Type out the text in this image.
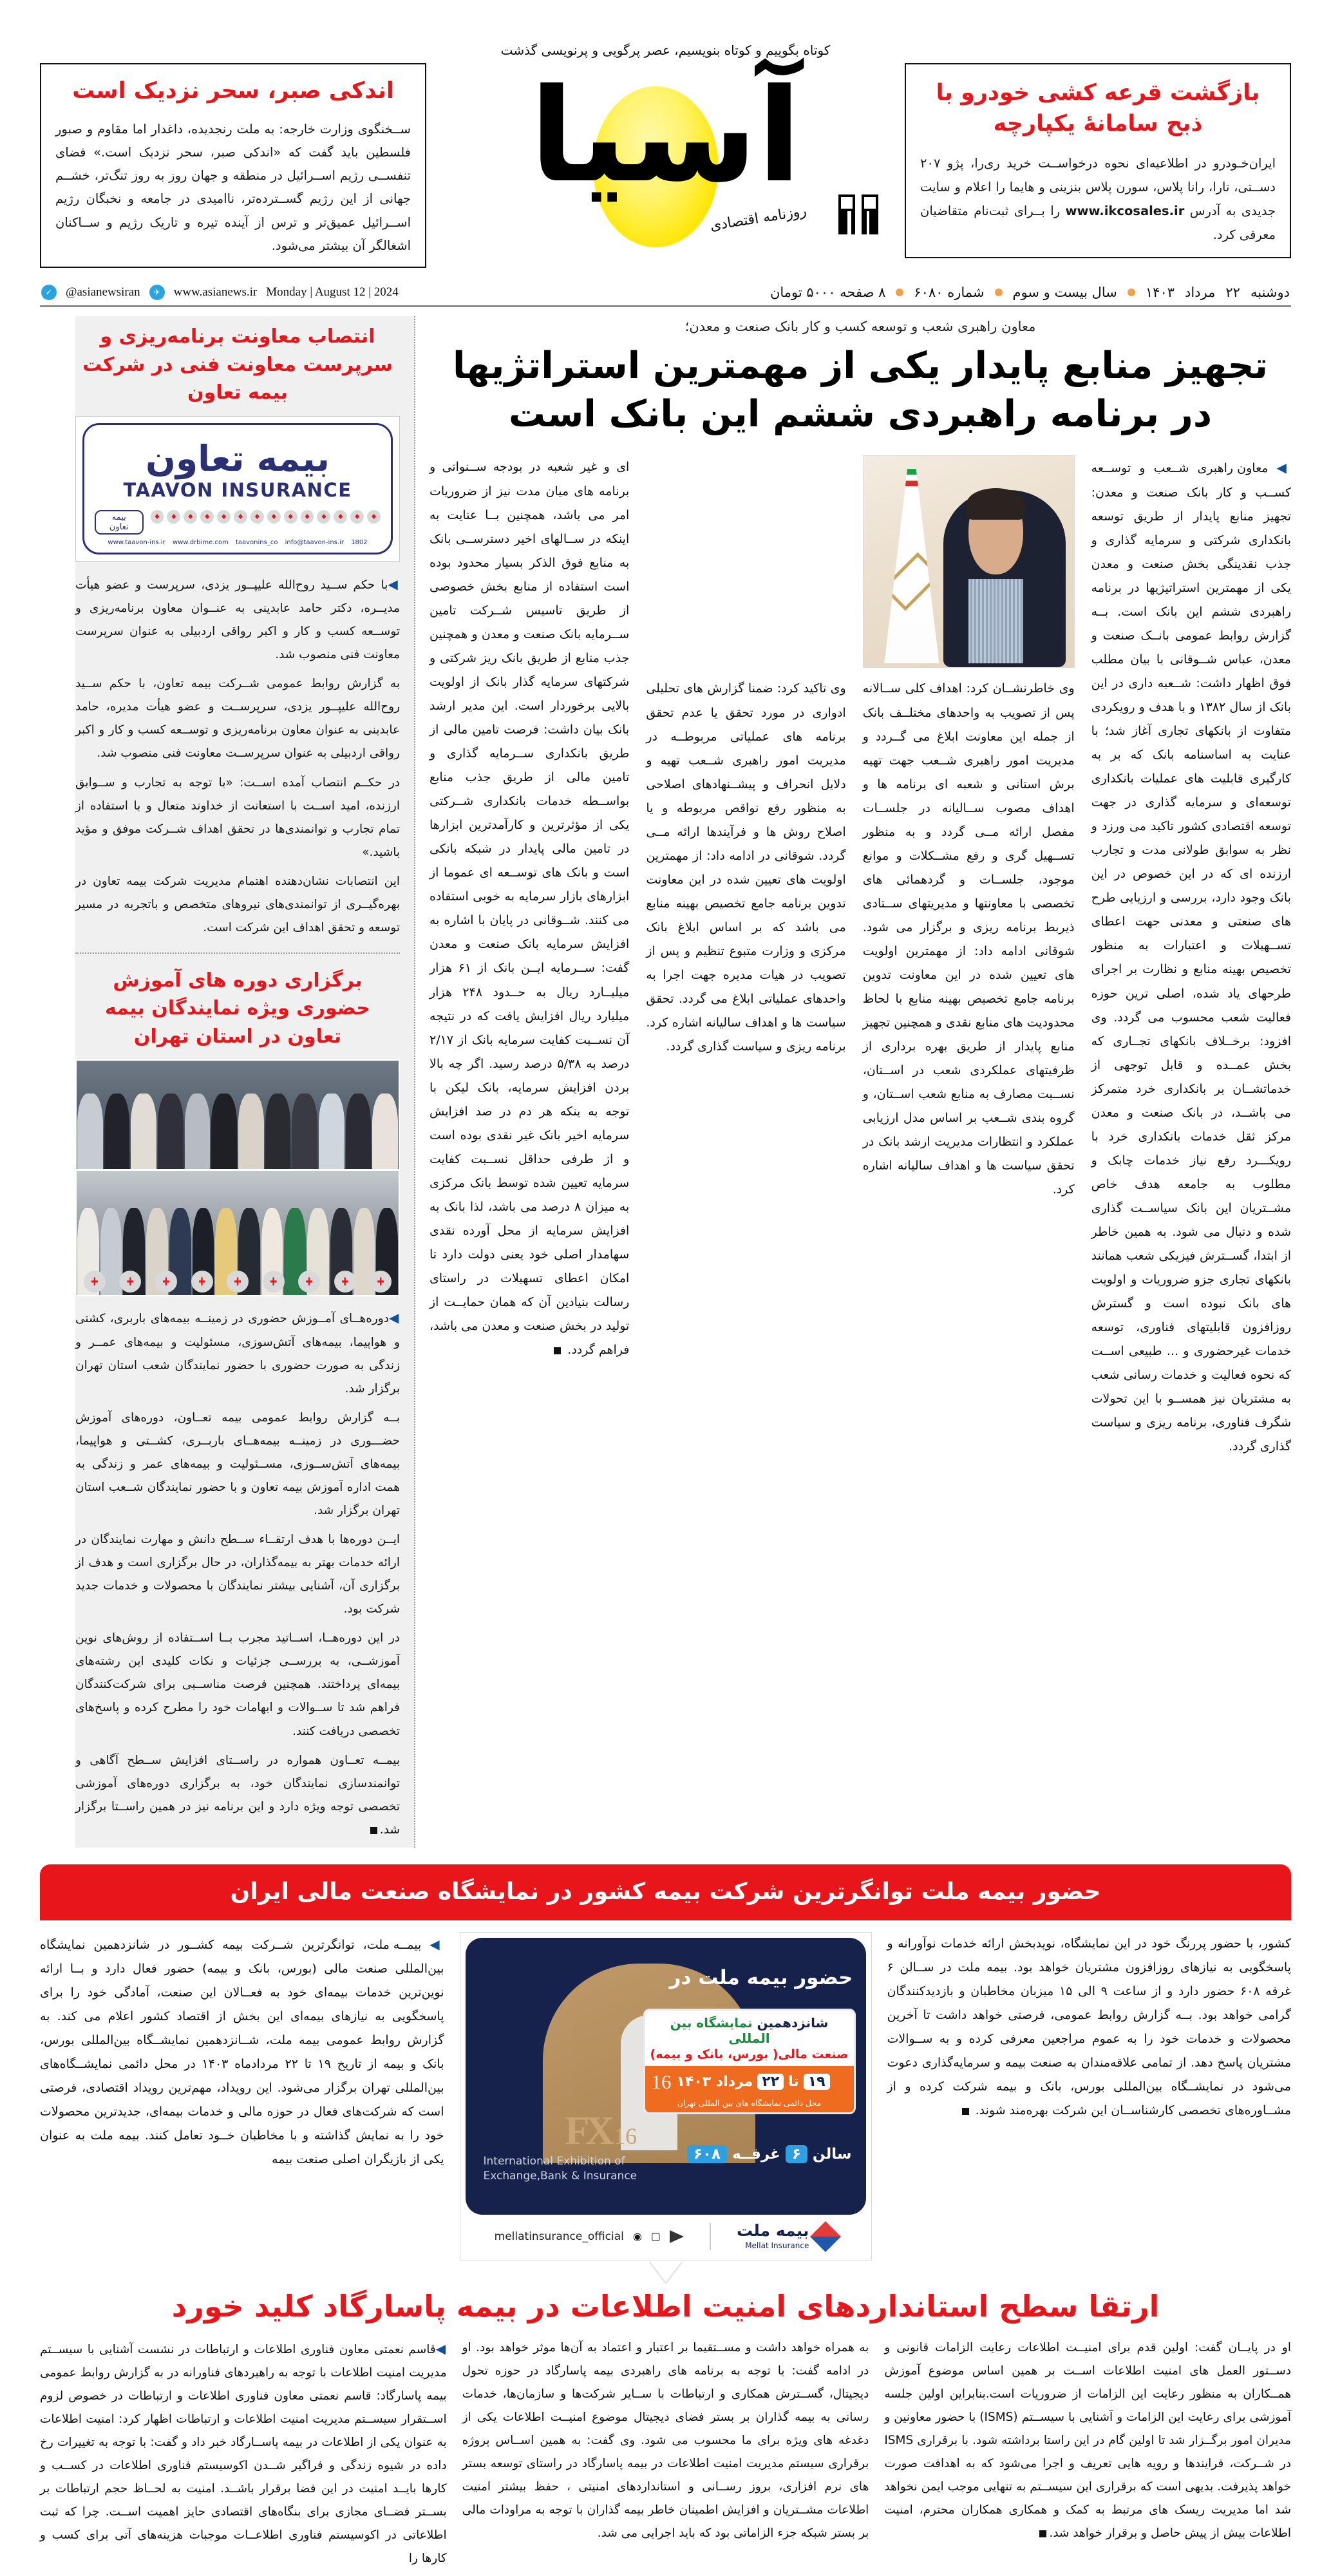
اندکی صبر، سحر نزدیک است
ســخنگوی وزارت خارجه: به ملت رنجدیده، داغدار اما مقاوم و صبور فلسطین باید گفت که «اندکی صبر، سحر نزدیک است.» فضای تنفســی رژیم اســرائیل در منطقه و جهان روز به روز تنگ‌تر، خشــم جهانی از این رژیم گســترده‌تر، ناامیدی در جامعه و نخبگان رژیم اســرائیل عمیق‌تر و ترس از آینده تیره و تاریک رژیم و ســاکنان اشغالگر آن بیشتر می‌شود.
کوتاه بگوییم و کوتاه بنویسیم، عصر پرگویی و پرنویسی گذشت
آسیا
روزنامه اقتصادی
بازگشت قرعه کشی خودرو با ذبح سامانهٔ یکپارچه
ایران‌خـودرو در اطلاعیه‌ای نحوه درخواســت خرید ری‌را، پژو ۲۰۷ دســتی، تارا، رانا پلاس، سورن پلاس بنزینی و هایما را اعلام و سایت جدیدی به آدرس www.ikcosales.ir را بــرای ثبت‌نام متقاضیان معرفی کرد.
دوشنبه
۲۲
مرداد
۱۴۰۳
سال بیست و سوم
شماره ۶۰۸۰
۸ صفحه ۵۰۰۰ تومان
Monday | August 12 | 2024
www.asianews.ir
✈
@asianewsiran
✓
معاون راهبری شعب و توسعه کسب و کار بانک صنعت و معدن؛
تجهیز منابع پایدار یکی از مهمترین استراتژیها
در برنامه راهبردی ششم این بانک است
◀ معاون راهبری شــعب و توســعه کســب و کار بانک صنعت و معدن: تجهیز منابع پایدار از طریق توسعه بانکداری شرکتی و سرمایه گذاری و جذب نقدینگی بخش صنعت و معدن یکی از مهمترین استراتیژیها در برنامه راهبردی ششم این بانک است. بــه گزارش روابط عمومی بانــک صنعت و معدن، عباس شــوقانی با بیان مطلب فوق اظهار داشت: شــعبه داری در این بانک از سال ۱۳۸۲ و با هدف و رویکردی متفاوت از بانکهای تجاری آغاز شد؛ با عنایت به اساسنامه بانک که بر به کارگیری قابلیت های عملیات بانکداری توسعه‌ای و سرمایه گذاری در جهت توسعه اقتصادی کشور تاکید می ورزد و نظر به سوابق طولانی مدت و تجارب ارزنده ای که در این خصوص در این بانک وجود دارد، بررسی و ارزیابی طرح های صنعتی و معدنی جهت اعطای تســهیلات و اعتبارات به منظور تخصیص بهینه منابع و نظارت بر اجرای طرحهای یاد شده، اصلی ترین حوزه فعالیت شعب محسوب می گردد. وی افزود: برخــلاف بانکهای تجــاری که بخش عمــده و قابل توجهی از خدماتشــان بر بانکداری خرد متمرکز می باشــد، در بانک صنعت و معدن مرکز ثقل خدمات بانکداری خرد با رویکـــرد رفع نیاز خدمات چابک و مطلوب به جامعه هدف خاص مشــتریان این بانک سیاســت گذاری شده و دنبال می شود. به همین خاطر از ابتدا، گســترش فیزیکی شعب همانند بانکهای تجاری جزو ضروریات و اولویت های بانک نبوده است و گسترش روزافزون قابلیتهای فناوری، توسعه خدمات غیرحضوری و ... طبیعی اســت که نحوه فعالیت و خدمات رسانی شعب به مشتریان نیز همســو با این تحولات شگرف فناوری، برنامه ریزی و سیاست گذاری گردد.
وی خاطرنشــان کرد: اهداف کلی ســالانه پس از تصویب به واحدهای مختلــف بانک از جمله این معاونت ابلاغ می گــردد و مدیریت امور راهبری شــعب جهت تهیه برش استانی و شعبه ای برنامه ها و اهداف مصوب ســالیانه در جلســات مفصل ارائه مــی گردد و به منظور تســهیل گری و رفع مشــکلات و موانع موجود، جلســات و گردهمائی های تخصصی با معاونتها و مدیریتهای ســتادی ذیربط برنامه ریزی و برگزار می شود. شوقانی ادامه داد: از مهمترین اولویت های تعیین شده در این معاونت تدوین برنامه جامع تخصیص بهینه منابع با لحاظ محدودیت های منابع نقدی و همچنین تجهیز منابع پایدار از طریق بهره برداری از ظرفیتهای عملکردی شعب در اســتان، نســبت مصارف به منابع شعب اســتان، و گروه بندی شــعب بر اساس مدل ارزیابی عملکرد و انتظارات مدیریت ارشد بانک در تحقق سیاست ها و اهداف سالیانه اشاره کرد.
وی تاکید کرد: ضمنا گزارش های تحلیلی ادواری در مورد تحقق یا عدم تحقق برنامه های عملیاتی مربوطــه در مدیریت امور راهبری شــعب تهیه و دلایل انحراف و پیشــنهادهای اصلاحی به منظور رفع نواقص مربوطه و یا اصلاح روش ها و فرآیندها ارائه مــی گردد. شوقانی در ادامه داد: از مهمترین اولویت های تعیین شده در این معاونت تدوین برنامه جامع تخصیص بهینه منابع می باشد که بر اساس ابلاغ بانک مرکزی و وزارت متبوع تنظیم و پس از تصویب در هیات مدیره جهت اجرا به واحدهای عملیاتی ابلاغ می گردد. تحقق سیاست ها و اهداف سالیانه اشاره کرد. برنامه ریزی و سیاست گذاری گردد.
ای و غیر شعبه در بودجه ســنواتی و برنامه های میان مدت نیز از ضروریات امر می باشد، همچنین بــا عنایت به اینکه در ســالهای اخیر دسترســی بانک به منابع فوق الذکر بسیار محدود بوده است استفاده از منابع بخش خصوصی از طریق تاسیس شــرکت تامین ســرمایه بانک صنعت و معدن و همچنین جذب منابع از طریق بانک ریز شرکتی و شرکتهای سرمایه گذار بانک از اولویت بالایی برخوردار است. این مدیر ارشد بانک بیان داشت: فرصت تامین مالی از طریق بانکداری ســرمایه گذاری و تامین مالی از طریق جذب منابع بواســطه خدمات بانکداری شــرکتی یکی از مؤثرترین و کارآمدترین ابزارها در تامین مالی پایدار در شبکه بانکی است و بانک های توســعه ای عموما از ابزارهای بازار سرمایه به خوبی استفاده می کنند. شــوقانی در پایان با اشاره به افزایش سرمایه بانک صنعت و معدن گفت: ســرمایه ایــن بانک از ۶۱ هزار میلیــارد ریال به حــدود ۲۴۸ هزار میلیارد ریال افزایش یافت که در نتیجه آن نســبت کفایت سرمایه بانک از ۲/۱۷ درصد به ۵/۳۸ درصد رسید. اگر چه بالا بردن افزایش سرمایه، بانک لیکن با توجه به ینکه هر دم در صد افزایش سرمایه اخیر بانک غیر نقدی بوده است و از طرفی حداقل نســبت کفایت سرمایه تعیین شده توسط بانک مرکزی به میزان ۸ درصد می باشد، لذا بانک به افزایش سرمایه از محل آورده نقدی سهامدار اصلی خود یعنی دولت دارد تا امکان اعطای تسهیلات در راستای رسالت بنیادین آن که همان حمایــت از تولید در بخش صنعت و معدن می باشد، فراهم گردد.
انتصاب معاونت برنامه‌ریزی و سرپرست معاونت فنی در شرکت بیمه تعاون
بیمه تعاون
TAAVON INSURANCE
بیمه تعاون
www.taavon-ins.ir www.drbime.com taavonins_co info@taavon-ins.ir 1802

◀با حکم ســید روح‌الله علیپــور یزدی، سرپرست و عضو هیأت مدیــره، دکتر حامد عابدینی به عنــوان معاون برنامه‌ریزی و توســعه کسب و کار و اکبر رواقی اردبیلی به عنوان سرپرست معاونت فنی منصوب شد.

به گزارش روابط عمومی شــرکت بیمه تعاون، با حکم ســید روح‌الله علیپــور یزدی، سرپرســت و عضو هیأت مدیره، حامد عابدینی به عنوان معاون برنامه‌ریزی و توســعه کسب و کار و اکبر رواقی اردبیلی به عنوان سرپرســت معاونت فنی منصوب شد.

در حکــم انتصاب آمده اســت: «با توجه به تجارب و ســوابق ارزنده، امید اســت با استعانت از خداوند متعال و با استفاده از تمام تجارب و توانمندی‌ها در تحقق اهداف شــرکت موفق و مؤید باشید.»

این انتصابات نشان‌دهنده اهتمام مدیریت شرکت بیمه تعاون در بهره‌گیــری از توانمندی‌های نیروهای متخصص و باتجربه در مسیر توسعه و تحقق اهداف این شرکت است.

برگزاری دوره های آموزش حضوری ویژه نمایندگان بیمه تعاون در استان تهران

◀دوره‌هــای آمــوزش حضوری در زمینــه بیمه‌های باربری، کشتی و هواپیما، بیمه‌های آتش‌سوزی، مسئولیت و بیمه‌های عمــر و زندگی به صورت حضوری با حضور نمایندگان شعب استان تهران برگزار شد.

بــه گزارش روابط عمومی بیمه تعــاون، دوره‌های آموزش حضـــوری در زمینــه بیمه‌هــای باربــری، کشــتی و هواپیما، بیمه‌های آتش‌ســوزی، مســئولیت و بیمه‌های عمر و زندگی به همت اداره آموزش بیمه تعاون و با حضور نمایندگان شــعب استان تهران برگزار شد.

ایــن دوره‌ها با هدف ارتقــاء ســطح دانش و مهارت نمایندگان در ارائه خدمات بهتر به بیمه‌گذاران، در حال برگزاری است و هدف از برگزاری آن، آشنایی بیشتر نمایندگان با محصولات و خدمات جدید شرکت بود.

در این دوره‌هــا، اســاتید مجرب بــا اســتفاده از روش‌های نوین آموزشــی، به بررســی جزئیات و نکات کلیدی این رشته‌های بیمه‌ای پرداختند. همچنین فرصت مناســبی برای شرکت‌کنندگان فراهم شد تا ســوالات و ابهامات خود را مطرح کرده و پاسخ‌های تخصصی دریافت کنند.

بیمــه تعــاون همواره در راســتای افزایش ســطح آگاهی و توانمندسازی نمایندگان خود، به برگزاری دوره‌های آموزشی تخصصی توجه ویژه دارد و این برنامه نیز در همین راســتا برگزار شد.

حضور بیمه ملت توانگرترین شرکت بیمه کشور در نمایشگاه صنعت مالی ایران
کشور، با حضور پررنگ خود در این نمایشگاه، نویدبخش ارائه خدمات نوآورانه و پاسخگویی به نیازهای روزافزون مشتریان خواهد بود. بیمه ملت در ســالن ۶ غرفه ۶۰۸ حضور دارد و از ساعت ۹ الی ۱۵ میزبان مخاطبان و بازدیدکنندگان گرامی خواهد بود. بــه گزارش روابط عمومی، فرصتی خواهد داشت تا آخرین محصولات و خدمات خود را به عموم مراجعین معرفی کرده و به ســوالات مشتریان پاسخ دهد. از تمامی علاقه‌مندان به صنعت بیمه و سرمایه‌گذاری دعوت می‌شود در نمایشــگاه بین‌المللی بورس، بانک و بیمه شرکت کرده و از مشــاوره‌های تخصصی کارشناســان این شرکت بهره‌مند شوند.
حضور بیمه ملت در
شانزدهمین نمایشگاه بین المللی
صنعت مالی( بورس، بانک و بیمه)
۱۹
تا
۲۲
مرداد ۱۴۰۳
16
محل دائمی نمایشگاه های بین المللی تهران
سالن
۶
غرفــه
۶۰۸
FX 16
International Exhibition of
Exchange,Bank & Insurance
بیمه ملت
Mellat Insurance
▢
◉
mellatinsurance_official
◀ بیمــه ملت، توانگرترین شــرکت بیمه کشــور در شانزدهمین نمایشگاه بین‌المللی صنعت مالی (بورس، بانک و بیمه) حضور فعال دارد و بــا ارائه نوین‌ترین خدمات بیمه‌ای خود به فعــالان این صنعت، آمادگی خود را برای پاسخگویی به نیازهای بیمه‌ای این بخش از اقتصاد کشور اعلام می کند. به گزارش روابط عمومی بیمه ملت، شــانزدهمین نمایشــگاه بین‌المللی بورس، بانک و بیمه از تاریخ ۱۹ تا ۲۲ مردادماه ۱۴۰۳ در محل دائمی نمایشــگاه‌های بین‌المللی تهران برگزار می‌شود. این رویداد، مهم‌ترین رویداد اقتصادی، فرصتی است که شرکت‌های فعال در حوزه مالی و خدمات بیمه‌ای، جدیدترین محصولات خود را به نمایش گذاشته و با مخاطبان خــود تعامل کنند. بیمه ملت به عنوان یکی از بازیگران اصلی صنعت بیمه
ارتقا سطح استانداردهای امنیت اطلاعات در بیمه پاسارگاد کلید خورد

او در پایــان گفت: اولین قدم برای امنیــت اطلاعات رعایت الزامات قانونی و دســتور العمل های امنیت اطلاعات اســت بر همین اساس موضوع آموزش همــکاران به منظور رعایت این الزامات از ضروریات است.بنابراین اولین جلسه آموزشی برای رعایت این الزامات و آشنایی با سیســتم (ISMS) با حضور معاونین و مدیران امور برگــزار شد تا اولین گام در این راستا برداشته شود. با برقراری ISMS در شــرکت، فرایندها و رویه هایی تعریف و اجرا می‌شود که به اهدافت صورت خواهد پذیرفت. بدیهی است که برقراری این سیســتم به تنهایی موجب ایمن نخواهد شد اما مدیریت ریسک های مرتبط به کمک و همکاری همکاران محترم، امنیت اطلاعات بیش از پیش حاصل و برقرار خواهد شد.

به همراه خواهد داشت و مســتقیما بر اعتبار و اعتماد به آن‌ها موثر خواهد بود. او در ادامه گفت: با توجه به برنامه های راهبردی بیمه پاسارگاد در حوزه تحول دیجیتال، گســترش همکاری و ارتباطات با ســایر شرکت‌ها و سازمان‌ها، خدمات رسانی به بیمه گذاران بر بستر فضای دیجیتال موضوع امنیــت اطلاعات یکی از دغدغه های ویژه برای ما محسوب می شود. وی گفت: به همین اســاس پروژه برقراری سیستم مدیریت امنیت اطلاعات در بیمه پاسارگاد در راستای توسعه بستر های نرم افزاری، بروز رســانی و استانداردهای امنیتی ، حفظ بیشتر امنیت اطلاعات مشــتریان و افزایش اطمینان خاطر بیمه گذاران با توجه به مراودات مالی بر بستر شبکه جزء الزاماتی بود که باید اجرایی می شد.

◀قاسم نعمتی معاون فناوری اطلاعات و ارتباطات در نشست آشنایی با سیســتم مدیریت امنیت اطلاعات با توجه به راهبردهای فناورانه در به گزارش روابط عمومی بیمه پاسارگاد: قاسم نعمتی معاون فناوری اطلاعات و ارتباطات در خصوص لزوم اســتقرار سیســتم مدیریت امنیت اطلاعات و ارتباطات اظهار کرد: امنیت اطلاعات به عنوان یکی از اطلاعات در بیمه پاســارگاد خبر داد و گفت: با توجه به تغییرات رخ داده در شیوه زندگی و فراگیر شــدن اکوسیستم فناوری اطلاعات در کســب و کارها بایــد امنیت در این فضا برقرار باشــد. امنیت به لحــاظ حجم ارتباطات بر بســتر فضــای مجازی برای بنگاه‌های اقتصادی حایز اهمیت اســت. چرا که ثبت اطلاعاتی در اکوسیستم فناوری اطلاعــات موجبات هزینه‌های آتی برای کسب و کارها را
